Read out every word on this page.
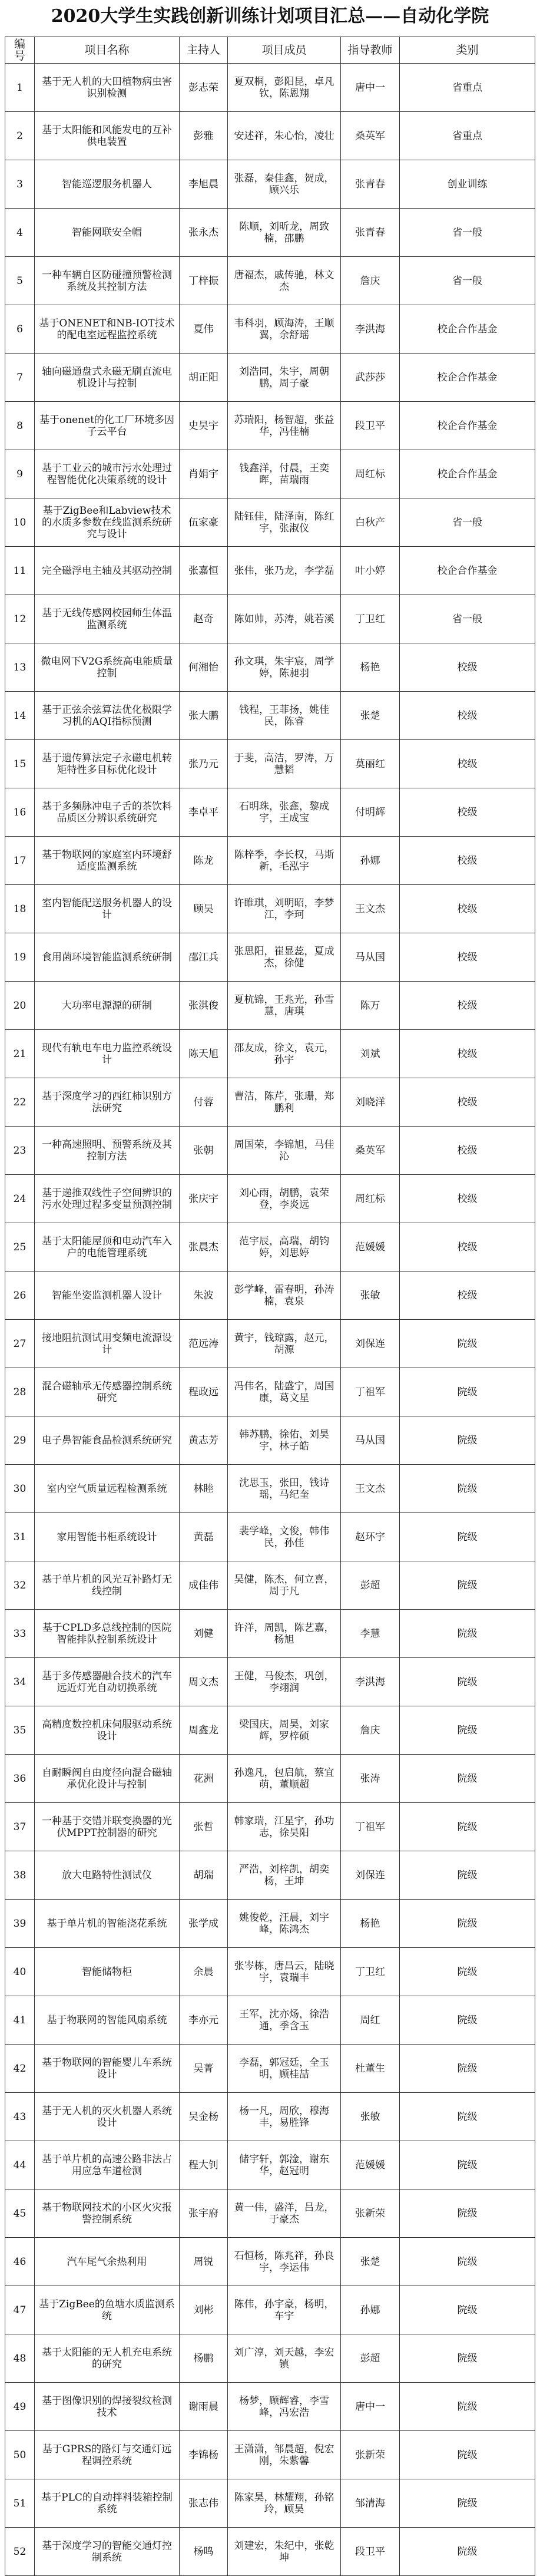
2020大学生实践创新训练计划项目汇总——自动化学院
编号	项目名称	主持人	项目成员	指导教师	类别
1	基于无人机的大田植物病虫害识别检测	彭志荣	夏双桐，彭阳昆，卓凡钦，陈恩翔	唐中一	省重点
2	基于太阳能和风能发电的互补供电装置	彭雅	安述祥，朱心怡，凌壮	桑英军	省重点
3	智能巡逻服务机器人	李旭晨	张磊，秦佳鑫，贺成，顾兴乐	张青春	创业训练
4	智能网联安全帽	张永杰	陈顺，刘昕龙，周致楠，邵鹏	张青春	省一般
5	一种车辆自区防碰撞预警检测系统及其控制方法	丁梓振	唐福杰，戚传驰，林文杰	詹庆	省一般
6	基于ONENET和NB-IOT技术的配电室远程监控系统	夏伟	韦科羽，顾海涛，王顺翼，余舒瑶	李洪海	校企合作基金
7	轴向磁通盘式永磁无刷直流电机设计与控制	胡正阳	刘浩同，朱宇，周朝鹏，周子豪	武莎莎	校企合作基金
8	基于onenet的化工厂环境多因子云平台	史昊宇	苏瑞阳，杨智超，张益华，冯佳楠	段卫平	校企合作基金
9	基于工业云的城市污水处理过程智能优化决策系统的设计	肖娟宇	钱鑫洋，付晨，王奕晖，苗瑞雨	周红标	校企合作基金
10	基于ZigBee和Labview技术的水质多参数在线监测系统研究与设计	伍家豪	陆钰佳，陆泽南，陈红宇，张淑仪	白秋产	省一般
11	完全磁浮电主轴及其驱动控制	张嘉恒	张伟，张乃龙，李学磊	叶小婷	校企合作基金
12	基于无线传感网校园师生体温监测系统	赵奇	陈如帅，苏涛，姚若溪	丁卫红	省一般
13	微电网下V2G系统高电能质量控制	何湘怡	孙文琪，朱宇宸，周学婷，陈昶羽	杨艳	校级
14	基于正弦余弦算法优化极限学习机的AQI指标预测	张大鹏	钱程，王菲扬，姚佳民，陈睿	张楚	校级
15	基于遗传算法定子永磁电机转矩特性多目标优化设计	张乃元	于斐，高洁，罗涛，万慧韬	莫丽红	校级
16	基于多频脉冲电子舌的茶饮料品质区分辨识系统研究	李卓平	石明珠，张鑫，黎成宇，王成宝	付明辉	校级
17	基于物联网的家庭室内环境舒适度监测系统	陈龙	陈梓季，李长权，马斯新，毛泓宇	孙娜	校级
18	室内智能配送服务机器人的设计	顾昊	许睢琪，刘明昭，李梦江，李珂	王文杰	校级
19	食用菌环境智能监测系统研制	邵江兵	张思阳，崔显蕊，夏成杰，徐健	马从国	校级
20	大功率电源源的研制	张淇俊	夏杭锦，王兆光，孙雪慧，唐琪	陈万	校级
21	现代有轨电车电力监控系统设计	陈天旭	邵友成，徐文，袁元，孙宇	刘斌	校级
22	基于深度学习的西红柿识别方法研究	付蓉	曹洁，陈芹，张珊，郑鹏利	刘晓洋	校级
23	一种高速照明、预警系统及其控制方法	张朝	周国荣，李锦旭，马佳沁	桑英军	校级
24	基于递推双线性子空间辨识的污水处理过程多变量预测控制	张庆宇	刘心雨，胡鹏，袁荣登，李炎远	周红标	校级
25	基于太阳能屋顶和电动汽车入户的电能管理系统	张晨杰	范宇辰，高瑞，胡钧婷，刘思婷	范媛媛	校级
26	智能坐姿监测机器人设计	朱波	彭学峰，雷春明，孙涛楠，袁泉	张敏	校级
27	接地阻抗测试用变频电流源设计	范远涛	黄宇，钱琼露，赵元，胡源	刘保连	院级
28	混合磁轴承无传感器控制系统研究	程政远	冯伟名，陆盛宁，周国康，葛文星	丁祖军	院级
29	电子鼻智能食品检测系统研究	黄志芳	韩苏鹏，徐佑，刘昊宇，林子皓	马从国	院级
30	室内空气质量远程检测系统	林睦	沈思玉，张田，钱诗瑶，马纪奎	王文杰	院级
31	家用智能书柜系统设计	黄磊	裴学峰，文俊，韩伟民，孙佳	赵环宇	院级
32	基于单片机的风光互补路灯无线控制	成佳伟	吴健，陈杰，何立喜，周于凡	彭超	院级
33	基于CPLD多总线控制的医院智能排队控制系统设计	刘健	许洋，周凯，陈艺嘉，杨旭	李慧	院级
34	基于多传感器融合技术的汽车远近灯光自动切换系统	周文杰	王健，马俊杰，巩创，李翊润	李洪海	院级
35	高精度数控机床伺服驱动系统设计	周鑫龙	梁国庆，周昊，刘家辉，罗梓硕	詹庆	院级
36	自耐瞬阀自由度径向混合磁轴承优化设计与控制	花洲	孙逸凡，包启航，蔡宜萌，董顺超	张涛	院级
37	一种基于交错并联变换器的光伏MPPT控制器的研究	张哲	韩家瑞，江星宇，孙功志，徐昊阳	丁祖军	院级
38	放大电路特性测试仪	胡瑞	严浩，刘梓凯，胡奕杨，王坤	刘保连	院级
39	基于单片机的智能浇花系统	张学成	姚俊乾，汪晨，刘宇峰，陈鸿杰	杨艳	院级
40	智能储物柜	余晨	张岑栋，唐昌云，陆晓宇，袁瑞丰	丁卫红	院级
41	基于物联网的智能风扇系统	李亦元	王军，沈亦炀，徐浩通，季含玉	周红	院级
42	基于物联网的智能婴儿车系统设计	吴菁	李磊，郭冠廷，全玉明，顾桂喆	杜董生	院级
43	基于无人机的灭火机器人系统设计	吴金杨	杨一凡，周欣，穆海丰，易胜锋	张敏	院级
44	基于单片机的高速公路非法占用应急车道检测	程大钊	储宇轩，郭淦，谢东华，赵冠明	范媛媛	院级
45	基于物联网技术的小区火灾报警控制系统	张宇府	黄一伟，盛洋，吕龙，于豪杰	张新荣	院级
46	汽车尾气余热利用	周锐	石恒杨，陈兆祥，孙良宇，李运伟	张楚	院级
47	基于ZigBee的鱼塘水质监测系统	刘彬	陈伟，孙宇豪，杨明，车宇	孙娜	院级
48	基于太阳能的无人机充电系统的研究	杨鹏	刘广淳，刘天越，李宏镇	彭超	院级
49	基于图像识别的焊接裂纹检测技术	谢雨晨	杨梦，顾辉睿，李雪峰，冯宏浩	唐中一	院级
50	基于GPRS的路灯与交通灯远程调控系统	李锦杨	王潇潇，邹晨超，倪宏刚，朱紫馨	张新荣	院级
51	基于PLC的自动拌料装箱控制系统	张志伟	陈家昊，林耀翔，孙铭玲，顾昊	邹清海	院级
52	基于深度学习的智能交通灯控制系统	杨鸣	刘建宏，朱纪中，张乾坤	段卫平	院级
